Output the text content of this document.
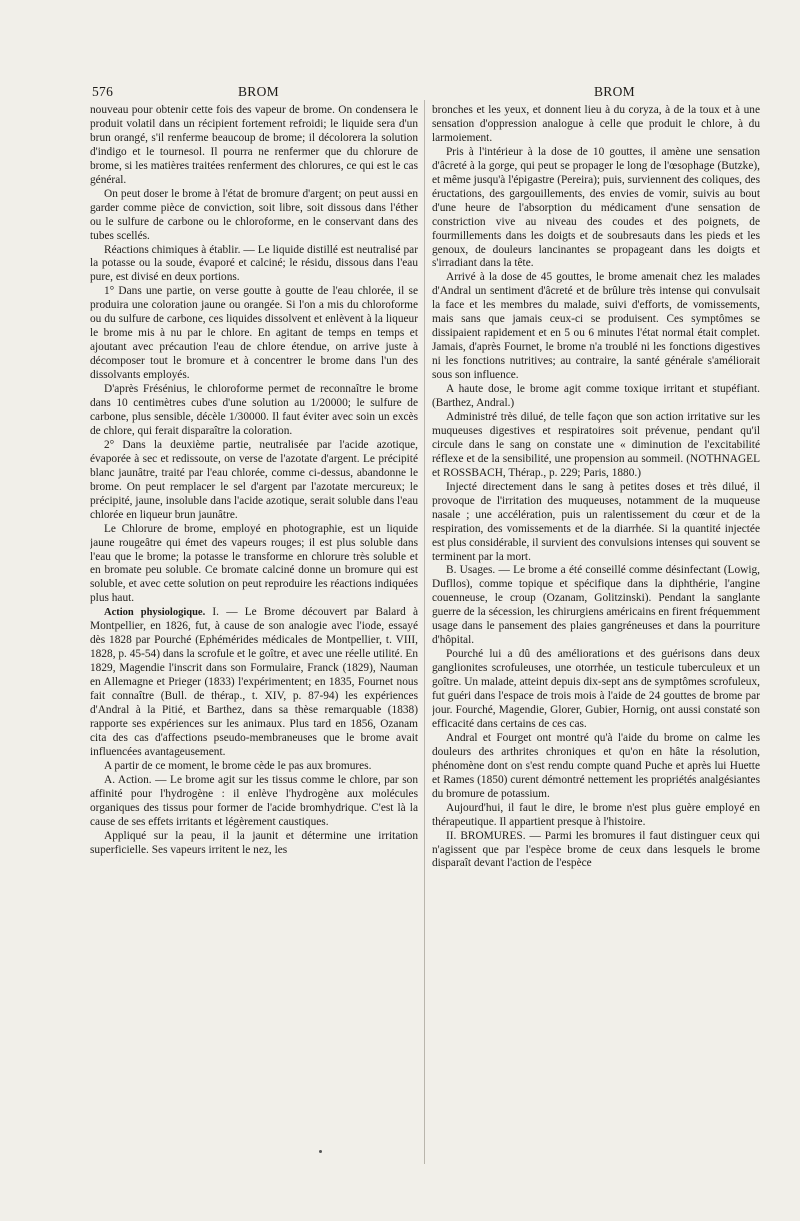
576	BROM	BROM

nouveau pour obtenir cette fois des vapeur de brome. On condensera le produit volatil dans un récipient fortement refroidi; le liquide sera d'un brun orangé, s'il renferme beaucoup de brome; il décolorera la solution d'indigo et le tournesol. Il pourra ne renfermer que du chlorure de brome, si les matières traitées renferment des chlorures, ce qui est le cas général.

On peut doser le brome à l'état de bromure d'argent; on peut aussi en garder comme pièce de conviction, soit libre, soit dissous dans l'éther ou le sulfure de carbone ou le chloroforme, en le conservant dans des tubes scellés.

Réactions chimiques à établir. — Le liquide distillé est neutralisé par la potasse ou la soude, évaporé et calciné; le résidu, dissous dans l'eau pure, est divisé en deux portions.

1° Dans une partie, on verse goutte à goutte de l'eau chlorée, il se produira une coloration jaune ou orangée. Si l'on a mis du chloroforme ou du sulfure de carbone, ces liquides dissolvent et enlèvent à la liqueur le brome mis à nu par le chlore. En agitant de temps en temps et ajoutant avec précaution l'eau de chlore étendue, on arrive juste à décomposer tout le bromure et à concentrer le brome dans l'un des dissolvants employés.

D'après Frésénius, le chloroforme permet de reconnaître le brome dans 10 centimètres cubes d'une solution au 1/20000; le sulfure de carbone, plus sensible, décèle 1/30000. Il faut éviter avec soin un excès de chlore, qui ferait disparaître la coloration.

2° Dans la deuxième partie, neutralisée par l'acide azotique, évaporée à sec et redissoute, on verse de l'azotate d'argent. Le précipité blanc jaunâtre, traité par l'eau chlorée, comme ci-dessus, abandonne le brome. On peut remplacer le sel d'argent par l'azotate mercureux; le précipité, jaune, insoluble dans l'acide azotique, serait soluble dans l'eau chlorée en liqueur brun jaunâtre.

Le Chlorure de brome, employé en photographie, est un liquide jaune rougeâtre qui émet des vapeurs rouges; il est plus soluble dans l'eau que le brome; la potasse le transforme en chlorure très soluble et en bromate peu soluble. Ce bromate calciné donne un bromure qui est soluble, et avec cette solution on peut reproduire les réactions indiquées plus haut.

Action physiologique. I. — Le Brome découvert par Balard à Montpellier, en 1826, fut, à cause de son analogie avec l'iode, essayé dès 1828 par Pourché (Ephémérides médicales de Montpellier, t. VIII, 1828, p. 45-54) dans la scrofule et le goître, et avec une réelle utilité. En 1829, Magendie l'inscrit dans son Formulaire, Franck (1829), Nauman en Allemagne et Prieger (1833) l'expérimentent; en 1835, Fournet nous fait connaître (Bull. de thérap., t. XIV, p. 87-94) les expériences d'Andral à la Pitié, et Barthez, dans sa thèse remarquable (1838) rapporte ses expériences sur les animaux. Plus tard en 1856, Ozanam cita des cas d'affections pseudo-membraneuses que le brome avait influencées avantageusement.

A partir de ce moment, le brome cède le pas aux bromures.

A. Action. — Le brome agit sur les tissus comme le chlore, par son affinité pour l'hydrogène : il enlève l'hydrogène aux molécules organiques des tissus pour former de l'acide bromhydrique. C'est là la cause de ses effets irritants et légèrement caustiques.

Appliqué sur la peau, il la jaunit et détermine une irritation superficielle. Ses vapeurs irritent le nez, les

bronches et les yeux, et donnent lieu à du coryza, à de la toux et à une sensation d'oppression analogue à celle que produit le chlore, à du larmoiement.

Pris à l'intérieur à la dose de 10 gouttes, il amène une sensation d'âcreté à la gorge, qui peut se propager le long de l'œsophage (Butzke), et même jusqu'à l'épigastre (Pereira); puis, surviennent des coliques, des éructations, des gargouillements, des envies de vomir, suivis au bout d'une heure de l'absorption du médicament d'une sensation de constriction vive au niveau des coudes et des poignets, de fourmillements dans les doigts et de soubresauts dans les pieds et les genoux, de douleurs lancinantes se propageant dans les doigts et s'irradiant dans la tête.

Arrivé à la dose de 45 gouttes, le brome amenait chez les malades d'Andral un sentiment d'âcreté et de brûlure très intense qui convulsait la face et les membres du malade, suivi d'efforts, de vomissements, mais sans que jamais ceux-ci se produisent. Ces symptômes se dissipaient rapidement et en 5 ou 6 minutes l'état normal était complet. Jamais, d'après Fournet, le brome n'a troublé ni les fonctions digestives ni les fonctions nutritives; au contraire, la santé générale s'améliorait sous son influence.

A haute dose, le brome agit comme toxique irritant et stupéfiant. (Barthez, Andral.)

Administré très dilué, de telle façon que son action irritative sur les muqueuses digestives et respiratoires soit prévenue, pendant qu'il circule dans le sang on constate une « diminution de l'excitabilité réflexe et de la sensibilité, une propension au sommeil. (NOTHNAGEL et ROSSBACH, Thérap., p. 229; Paris, 1880.)

Injecté directement dans le sang à petites doses et très dilué, il provoque de l'irritation des muqueuses, notamment de la muqueuse nasale ; une accélération, puis un ralentissement du cœur et de la respiration, des vomissements et de la diarrhée. Si la quantité injectée est plus considérable, il survient des convulsions intenses qui souvent se terminent par la mort.

B. Usages. — Le brome a été conseillé comme désinfectant (Lowig, Dufllos), comme topique et spécifique dans la diphthérie, l'angine couenneuse, le croup (Ozanam, Golitzinski). Pendant la sanglante guerre de la sécession, les chirurgiens américains en firent fréquemment usage dans le pansement des plaies gangréneuses et dans la pourriture d'hôpital.

Pourché lui a dû des améliorations et des guérisons dans deux ganglionites scrofuleuses, une otorrhée, un testicule tuberculeux et un goître. Un malade, atteint depuis dix-sept ans de symptômes scrofuleux, fut guéri dans l'espace de trois mois à l'aide de 24 gouttes de brome par jour. Fourché, Magendie, Glorer, Gubier, Hornig, ont aussi constaté son efficacité dans certains de ces cas.

Andral et Fourget ont montré qu'à l'aide du brome on calme les douleurs des arthrites chroniques et qu'on en hâte la résolution, phénomène dont on s'est rendu compte quand Puche et après lui Huette et Rames (1850) curent démontré nettement les propriétés analgésiantes du bromure de potassium.

Aujourd'hui, il faut le dire, le brome n'est plus guère employé en thérapeutique. Il appartient presque à l'histoire.

II. BROMURES. — Parmi les bromures il faut distinguer ceux qui n'agissent que par l'espèce brome de ceux dans lesquels le brome disparaît devant l'action de l'espèce
